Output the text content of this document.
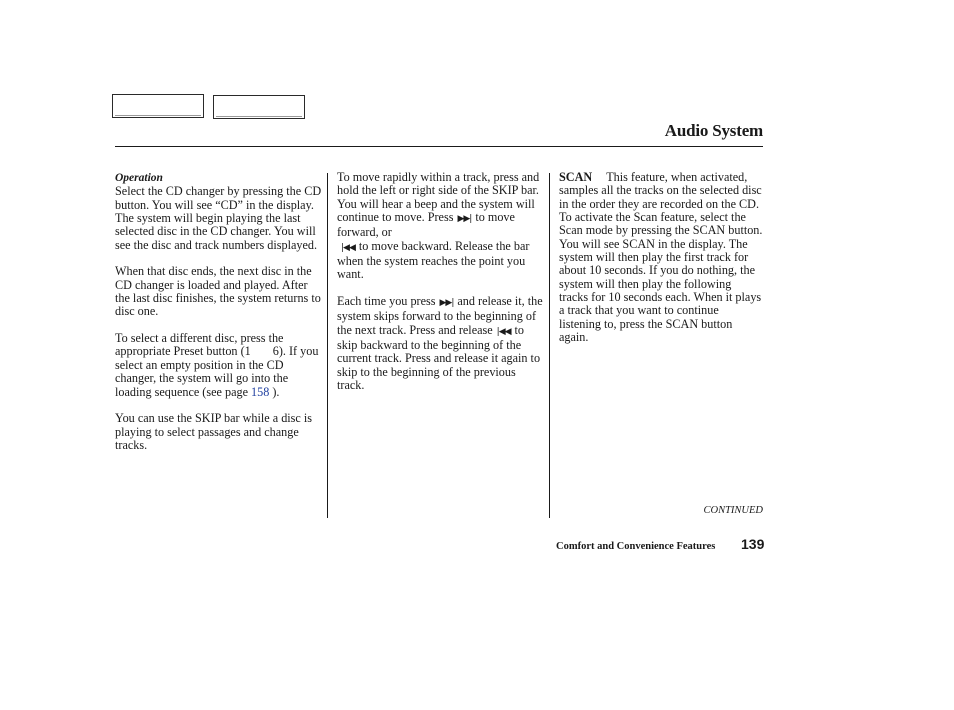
Audio System
Operation

Select the CD changer by pressing the CD button. You will see “CD” in the display. The system will begin playing the last selected disc in the CD changer. You will see the disc and track numbers displayed.

When that disc ends, the next disc in the CD changer is loaded and played. After the last disc finishes, the system returns to disc one.

To select a different disc, press the appropriate Preset button (1 6). If you select an empty position in the CD changer, the system will go into the loading sequence (see page 158 ).

You can use the SKIP bar while a disc is playing to select passages and change tracks.

To move rapidly within a track, press and hold the left or right side of the SKIP bar. You will hear a beep and the system will continue to move. Press ▶▶| to move forward, or
|◀◀ to move backward. Release the bar when the system reaches the point you want.

Each time you press ▶▶| and release it, the system skips forward to the beginning of the next track. Press and release |◀◀ to skip backward to the beginning of the current track. Press and release it again to skip to the beginning of the previous track.

SCAN This feature, when activated, samples all the tracks on the selected disc in the order they are recorded on the CD. To activate the Scan feature, select the Scan mode by pressing the SCAN button. You will see SCAN in the display. The system will then play the first track for about 10 seconds. If you do nothing, the system will then play the following tracks for 10 seconds each. When it plays a track that you want to continue listening to, press the SCAN button again.

CONTINUED
Comfort and Convenience Features 139
